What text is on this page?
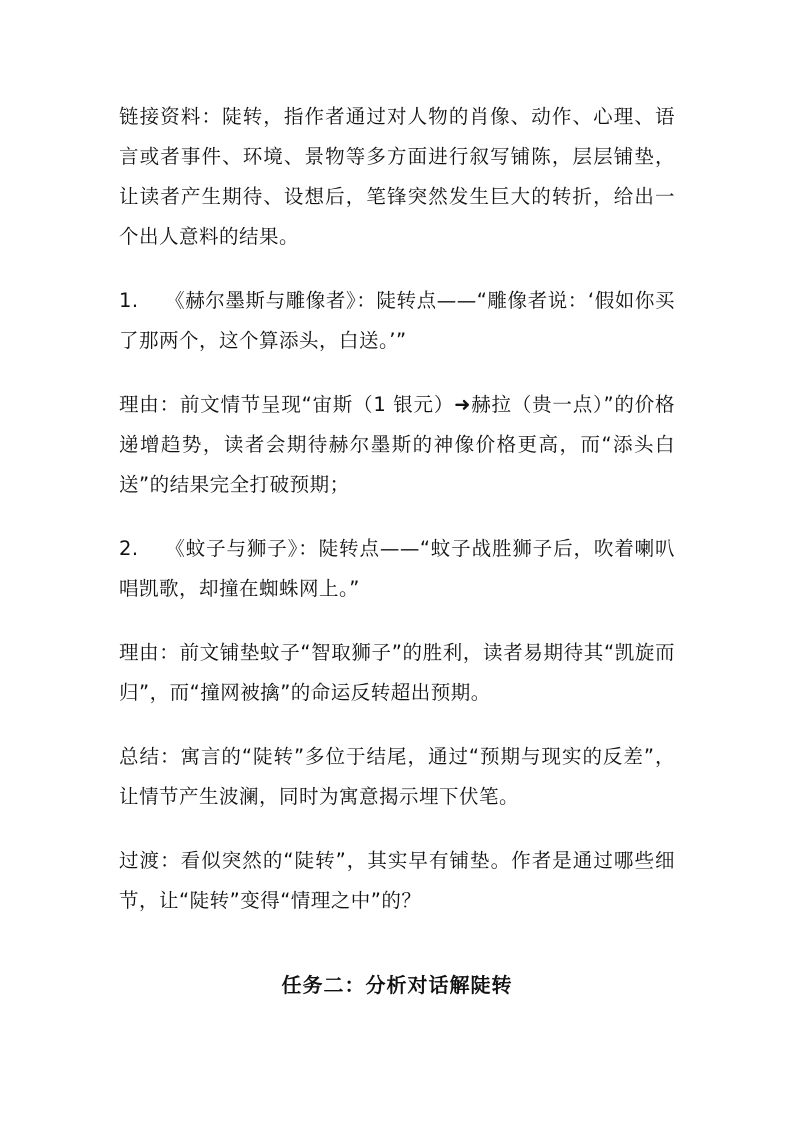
链接资料：陡转，指作者通过对人物的肖像、动作、心理、语言或者事件、环境、景物等多方面进行叙写铺陈，层层铺垫，让读者产生期待、设想后，笔锋突然发生巨大的转折，给出一个出人意料的结果。

1. 《赫尔墨斯与雕像者》：陡转点——“雕像者说：‘假如你买了那两个，这个算添头，白送。’”

理由：前文情节呈现“宙斯（1 银元）➜赫拉（贵一点）”的价格递增趋势，读者会期待赫尔墨斯的神像价格更高，而“添头白送”的结果完全打破预期；

2. 《蚊子与狮子》：陡转点——“蚊子战胜狮子后，吹着喇叭唱凯歌，却撞在蜘蛛网上。”

理由：前文铺垫蚊子“智取狮子”的胜利，读者易期待其“凯旋而归”，而“撞网被擒”的命运反转超出预期。

总结：寓言的“陡转”多位于结尾，通过“预期与现实的反差”，让情节产生波澜，同时为寓意揭示埋下伏笔。

过渡：看似突然的“陡转”，其实早有铺垫。作者是通过哪些细节，让“陡转”变得“情理之中”的？

任务二：分析对话解陡转
